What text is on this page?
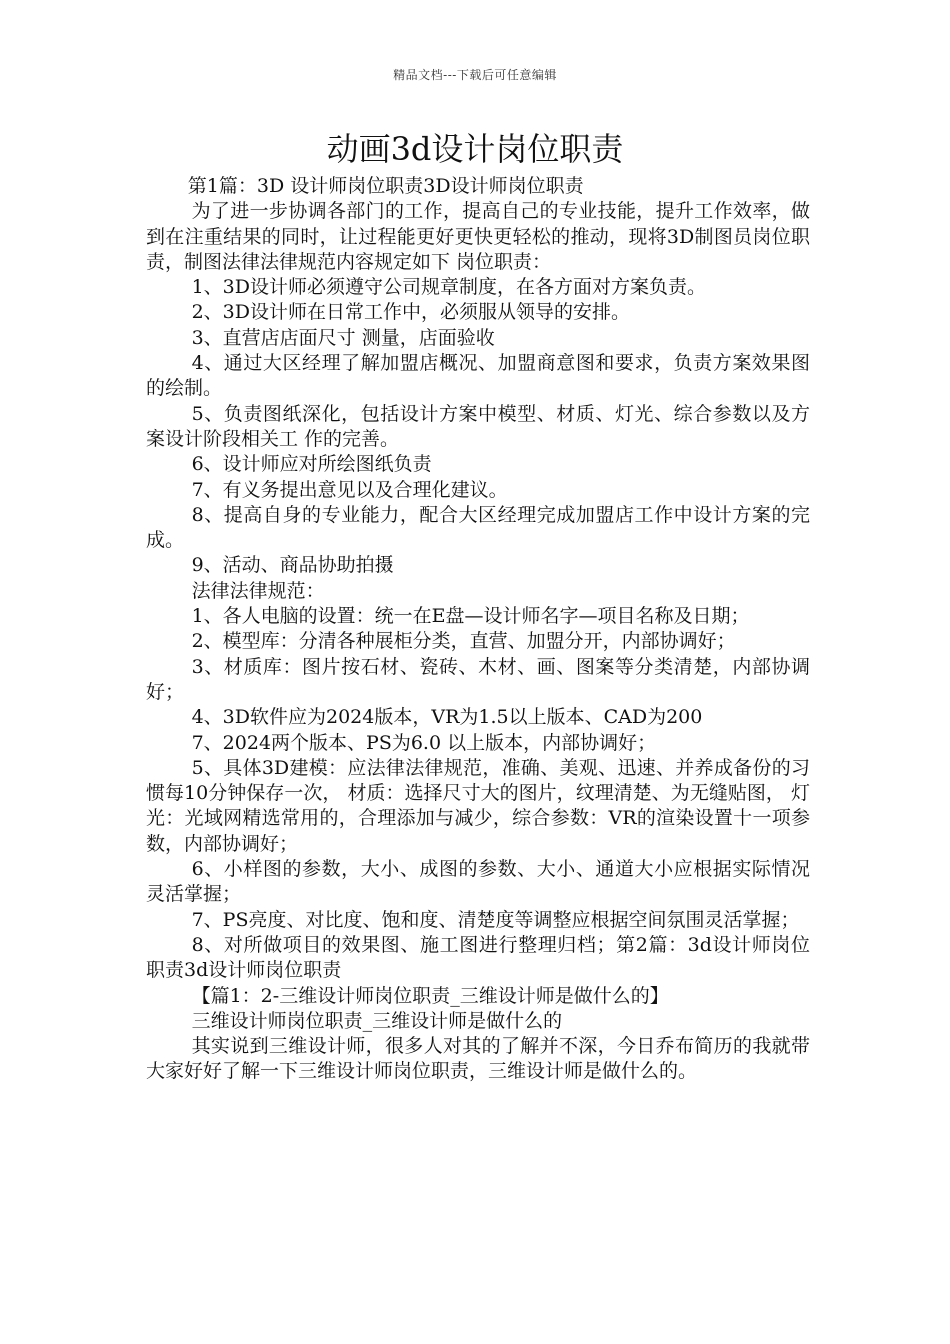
精品文档---下载后可任意编辑
动画3d设计岗位职责

第1篇：3D 设计师岗位职责3D设计师岗位职责

为了进一步协调各部门的工作，提高自己的专业技能，提升工作效率，做到在注重结果的同时，让过程能更好更快更轻松的推动，现将3D制图员岗位职责，制图法律法律规范内容规定如下 岗位职责：

1、3D设计师必须遵守公司规章制度，在各方面对方案负责。

2、3D设计师在日常工作中，必须服从领导的安排。

3、直营店店面尺寸 测量，店面验收

4、通过大区经理了解加盟店概况、加盟商意图和要求，负责方案效果图的绘制。

5、负责图纸深化，包括设计方案中模型、材质、灯光、综合参数以及方案设计阶段相关工 作的完善。

6、设计师应对所绘图纸负责

7、有义务提出意见以及合理化建议。

8、提高自身的专业能力，配合大区经理完成加盟店工作中设计方案的完成。

9、活动、商品协助拍摄

法律法律规范：

1、各人电脑的设置：统一在E盘—设计师名字—项目名称及日期；

2、模型库：分清各种展柜分类，直营、加盟分开，内部协调好；

3、材质库：图片按石材、瓷砖、木材、画、图案等分类清楚，内部协调好；

4、3D软件应为2024版本，VR为1.5以上版本、CAD为200

7、2024两个版本、PS为6.0 以上版本，内部协调好；

5、具体3D建模：应法律法律规范，准确、美观、迅速、并养成备份的习惯每10分钟保存一次， 材质：选择尺寸大的图片，纹理清楚、为无缝贴图， 灯光：光域网精选常用的，合理添加与减少，综合参数：VR的渲染设置十一项参数，内部协调好；

6、小样图的参数，大小、成图的参数、大小、通道大小应根据实际情况灵活掌握；

7、PS亮度、对比度、饱和度、清楚度等调整应根据空间氛围灵活掌握；

8、对所做项目的效果图、施工图进行整理归档；第2篇：3d设计师岗位职责3d设计师岗位职责

【篇1：2-三维设计师岗位职责_三维设计师是做什么的】

三维设计师岗位职责_三维设计师是做什么的

其实说到三维设计师，很多人对其的了解并不深，今日乔布简历的我就带大家好好了解一下三维设计师岗位职责，三维设计师是做什么的。
